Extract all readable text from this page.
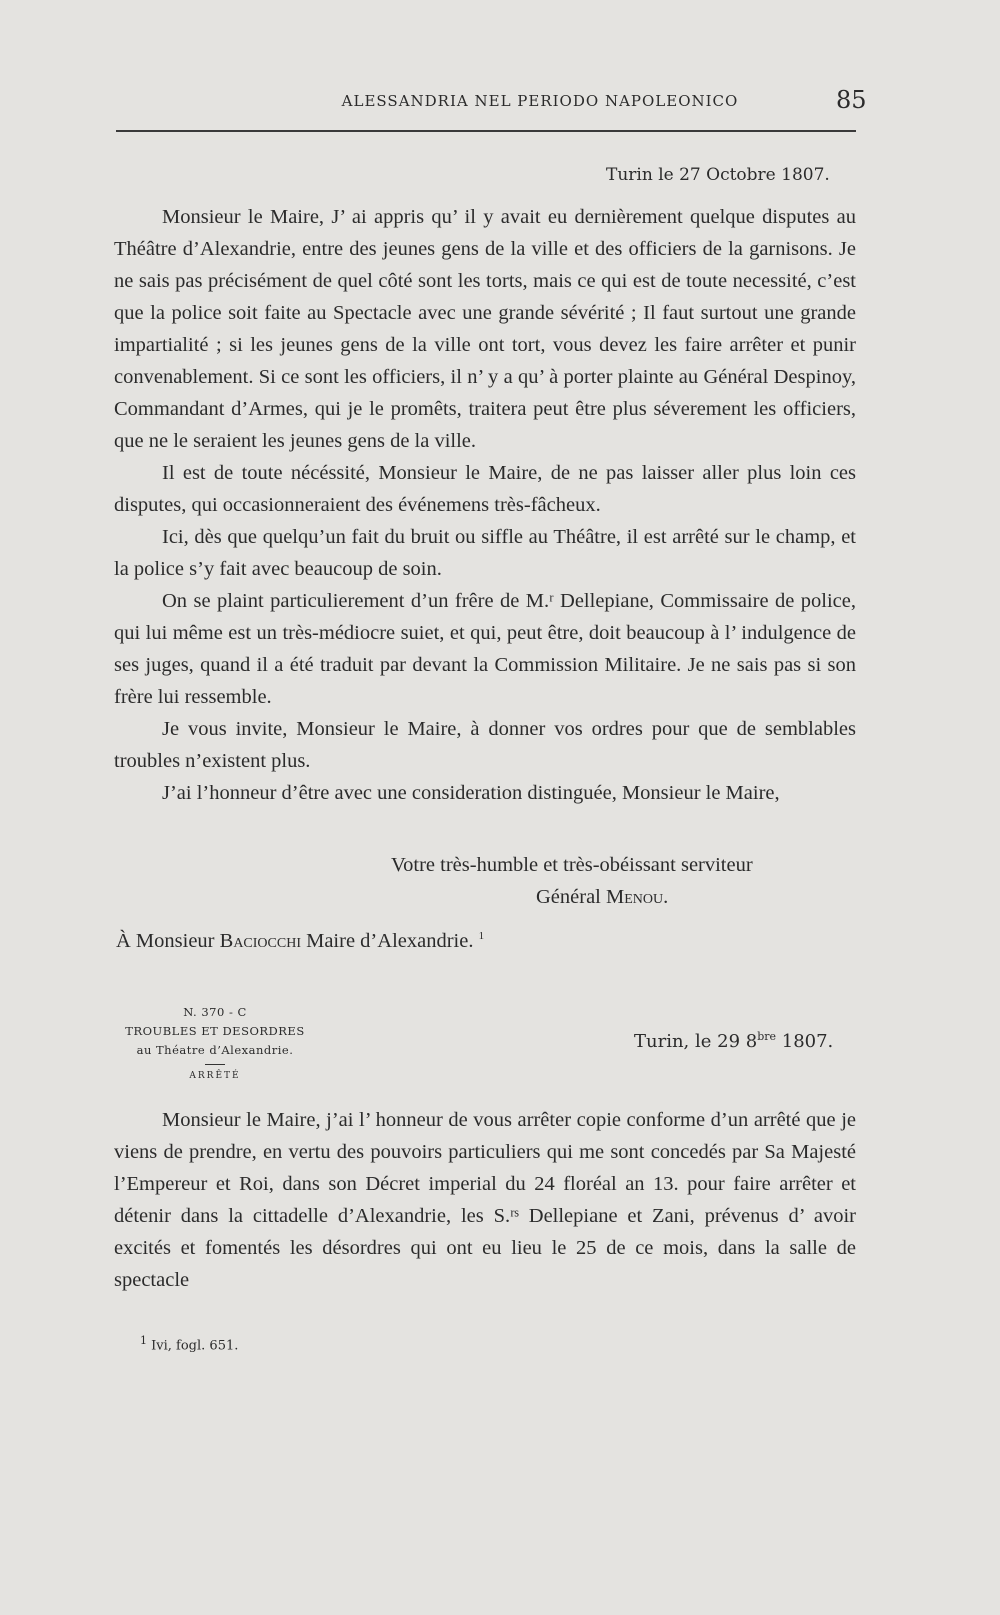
ALESSANDRIA NEL PERIODO NAPOLEONICO	85
Turin le 27 Octobre 1807.

Monsieur le Maire, J’ ai appris qu’ il y avait eu dernièrement quelque disputes au Théâtre d’Alexandrie, entre des jeunes gens de la ville et des officiers de la garnisons. Je ne sais pas précisément de quel côté sont les torts, mais ce qui est de toute necessité, c’est que la police soit faite au Spectacle avec une grande sévérité ; Il faut surtout une grande impartialité ; si les jeunes gens de la ville ont tort, vous devez les faire arrêter et punir convenablement. Si ce sont les officiers, il n’ y a qu’ à porter plainte au Général Despinoy, Commandant d’Armes, qui je le promêts, traitera peut être plus séverement les officiers, que ne le seraient les jeunes gens de la ville.

Il est de toute nécéssité, Monsieur le Maire, de ne pas laisser aller plus loin ces disputes, qui occasionneraient des événemens très-fâcheux.

Ici, dès que quelqu’un fait du bruit ou siffle au Théâtre, il est arrêté sur le champ, et la police s’y fait avec beaucoup de soin.

On se plaint particulierement d’un frêre de M.ʳ Dellepiane, Commissaire de police, qui lui même est un très-médiocre suiet, et qui, peut être, doit beaucoup à l’ indulgence de ses juges, quand il a été traduit par devant la Commission Militaire. Je ne sais pas si son frère lui ressemble.

Je vous invite, Monsieur le Maire, à donner vos ordres pour que de semblables troubles n’existent plus.

J’ai l’honneur d’être avec une consideration distinguée, Monsieur le Maire,

Votre très-humble et très-obéissant serviteur
Général Menou.
À Monsieur Baciocchi Maire d’Alexandrie. $^1$
N. 370 - C
TROUBLES ET DESORDRES
au Théatre d’Alexandrie.
ARRÊTÉ
Turin, le 29 $8^{bre}$ 1807.

Monsieur le Maire, j’ai l’ honneur de vous arrêter copie conforme d’un arrêté que je viens de prendre, en vertu des pouvoirs particuliers qui me sont concedés par Sa Majesté l’Empereur et Roi, dans son Décret imperial du 24 floréal an 13. pour faire arrêter et détenir dans la cittadelle d’Alexandrie, les S.ʳˢ Dellepiane et Zani, prévenus d’ avoir excités et fomentés les désordres qui ont eu lieu le 25 de ce mois, dans la salle de spectacle

$^1$ Ivi, fogl. 651.
